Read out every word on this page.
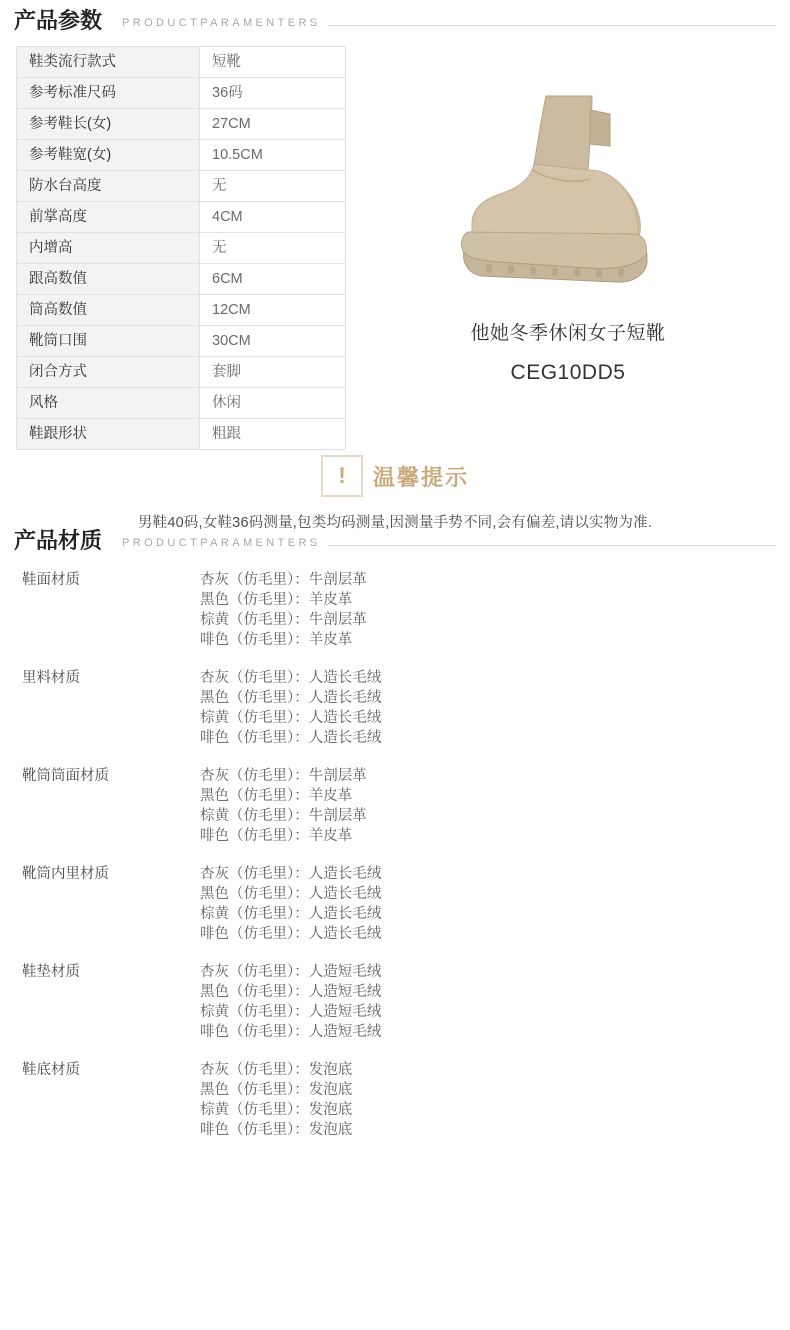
产品参数 PRODUCTPARAMENTERS
鞋类流行款式	短靴
参考标准尺码	36码
参考鞋长(女)	27CM
参考鞋宽(女)	10.5CM
防水台高度	无
前掌高度	4CM
内增高	无
跟高数值	6CM
筒高数值	12CM
靴筒口围	30CM
闭合方式	套脚
风格	休闲
鞋跟形状	粗跟
他她冬季休闲女子短靴
CEG10DD5
!	温馨提示
男鞋40码,女鞋36码测量,包类均码测量,因测量手势不同,会有偏差,请以实物为准.
产品材质 PRODUCTPARAMENTERS
鞋面材质	杏灰（仿毛里）：牛剖层革
黑色（仿毛里）：羊皮革
棕黄（仿毛里）：牛剖层革
啡色（仿毛里）：羊皮革
里料材质	杏灰（仿毛里）：人造长毛绒
黑色（仿毛里）：人造长毛绒
棕黄（仿毛里）：人造长毛绒
啡色（仿毛里）：人造长毛绒
靴筒筒面材质	杏灰（仿毛里）：牛剖层革
黑色（仿毛里）：羊皮革
棕黄（仿毛里）：牛剖层革
啡色（仿毛里）：羊皮革
靴筒内里材质	杏灰（仿毛里）：人造长毛绒
黑色（仿毛里）：人造长毛绒
棕黄（仿毛里）：人造长毛绒
啡色（仿毛里）：人造长毛绒
鞋垫材质	杏灰（仿毛里）：人造短毛绒
黑色（仿毛里）：人造短毛绒
棕黄（仿毛里）：人造短毛绒
啡色（仿毛里）：人造短毛绒
鞋底材质	杏灰（仿毛里）：发泡底
黑色（仿毛里）：发泡底
棕黄（仿毛里）：发泡底
啡色（仿毛里）：发泡底
